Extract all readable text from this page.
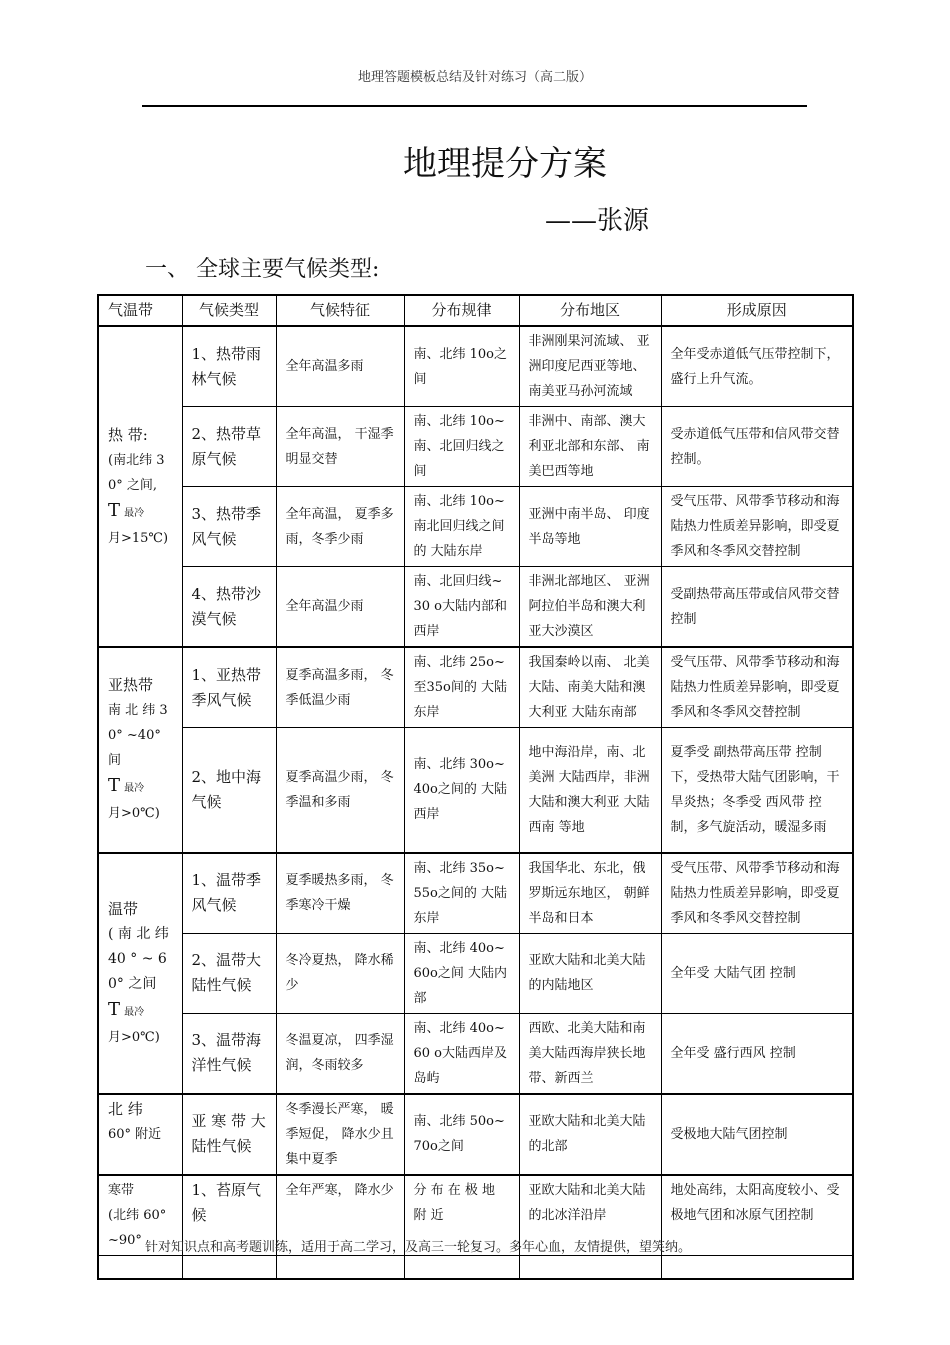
地理答题模板总结及针对练习（高二版）
地理提分方案
——张源
一、 全球主要气候类型:
气温带	气候类型	气候特征	分布规律	分布地区	形成原因

热 带:
(南北纬 30° 之间,
T 最冷
月>15℃)	1、热带雨林气候	全年高温多雨	南、北纬 10o之间	非洲刚果河流域、 亚洲印度尼西亚等地、 南美亚马孙河流域	全年受赤道低气压带控制下，盛行上升气流。
	2、热带草原气候	全年高温， 干湿季明显交替	南、北纬 10o~ 南、北回归线之间	非洲中、南部、澳大利亚北部和东部、 南美巴西等地	受赤道低气压带和信风带交替控制。
	3、热带季风气候	全年高温， 夏季多雨，冬季少雨	南、北纬 10o~ 南北回归线之间的 大陆东岸	亚洲中南半岛、 印度半岛等地	受气压带、风带季节移动和海陆热力性质差异影响，即受夏季风和冬季风交替控制
	4、热带沙漠气候	全年高温少雨	南、北回归线~ 30 o大陆内部和西岸	非洲北部地区、 亚洲阿拉伯半岛和澳大利亚大沙漠区	受副热带高压带或信风带交替控制

亚热带
南 北 纬 30° ~40° 间
T 最冷
月>0℃)	1、亚热带季风气候	夏季高温多雨， 冬季低温少雨	南、北纬 25o~ 至35o间的 大陆东岸	我国秦岭以南、 北美大陆、南美大陆和澳大利亚 大陆东南部	受气压带、风带季节移动和海陆热力性质差异影响，即受夏季风和冬季风交替控制
	2、地中海气候	夏季高温少雨， 冬季温和多雨	南、北纬 30o~ 40o之间的 大陆西岸	地中海沿岸，南、北美洲 大陆西岸，非洲大陆和澳大利亚 大陆西南 等地	夏季受 副热带高压带 控制下，受热带大陆气团影响，干旱炎热；冬季受 西风带 控制，多气旋活动，暖湿多雨

温带
( 南 北 纬 40 ° ~ 60° 之间
T 最冷
月>0℃)	1、温带季风气候	夏季暖热多雨， 冬季寒冷干燥	南、北纬 35o~ 55o之间的 大陆东岸	我国华北、东北，俄罗斯远东地区， 朝鲜半岛和日本	受气压带、风带季节移动和海陆热力性质差异影响，即受夏季风和冬季风交替控制
	2、温带大陆性气候	冬冷夏热， 降水稀少	南、北纬 40o~ 60o之间 大陆内部	亚欧大陆和北美大陆的内陆地区	全年受 大陆气团 控制
	3、温带海洋性气候	冬温夏凉， 四季湿润，冬雨较多	南、北纬 40o~ 60 o大陆西岸及岛屿	西欧、北美大陆和南美大陆西海岸狭长地带、新西兰	全年受 盛行西风 控制

北 纬
60° 附近	亚 寒 带 大陆性气候	冬季漫长严寒， 暖季短促， 降水少且集中夏季	南、北纬 50o~ 70o之间	亚欧大陆和北美大陆的北部	受极地大陆气团控制

寒带
(北纬 60° ~90°	1、苔原气候	全年严寒， 降水少	分 布 在 极 地 附 近	亚欧大陆和北美大陆的北冰洋沿岸	地处高纬，太阳高度较小、受极地气团和冰原气团控制

针对知识点和高考题训练，适用于高二学习，及高三一轮复习。多年心血，友情提供，望笑纳。
